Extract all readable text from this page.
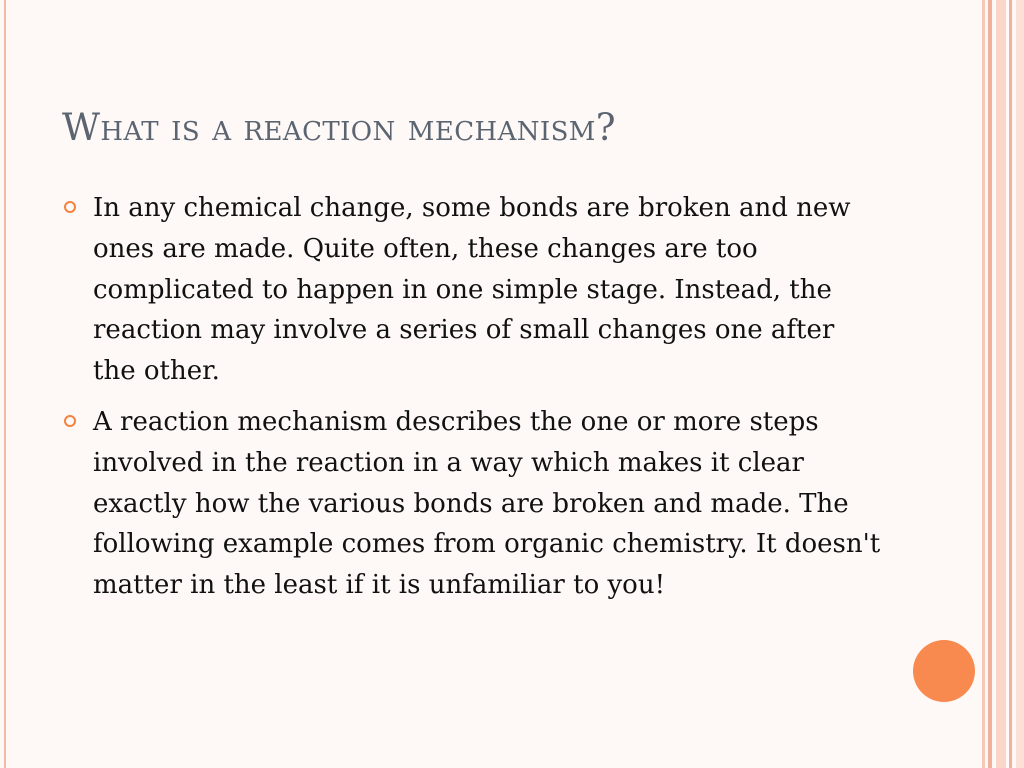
What is a reaction mechanism?
In any chemical change, some bonds are broken and new ones are made. Quite often, these changes are too complicated to happen in one simple stage. Instead, the reaction may involve a series of small changes one after the other.
A reaction mechanism describes the one or more steps involved in the reaction in a way which makes it clear exactly how the various bonds are broken and made. The following example comes from organic chemistry. It doesn't matter in the least if it is unfamiliar to you!
